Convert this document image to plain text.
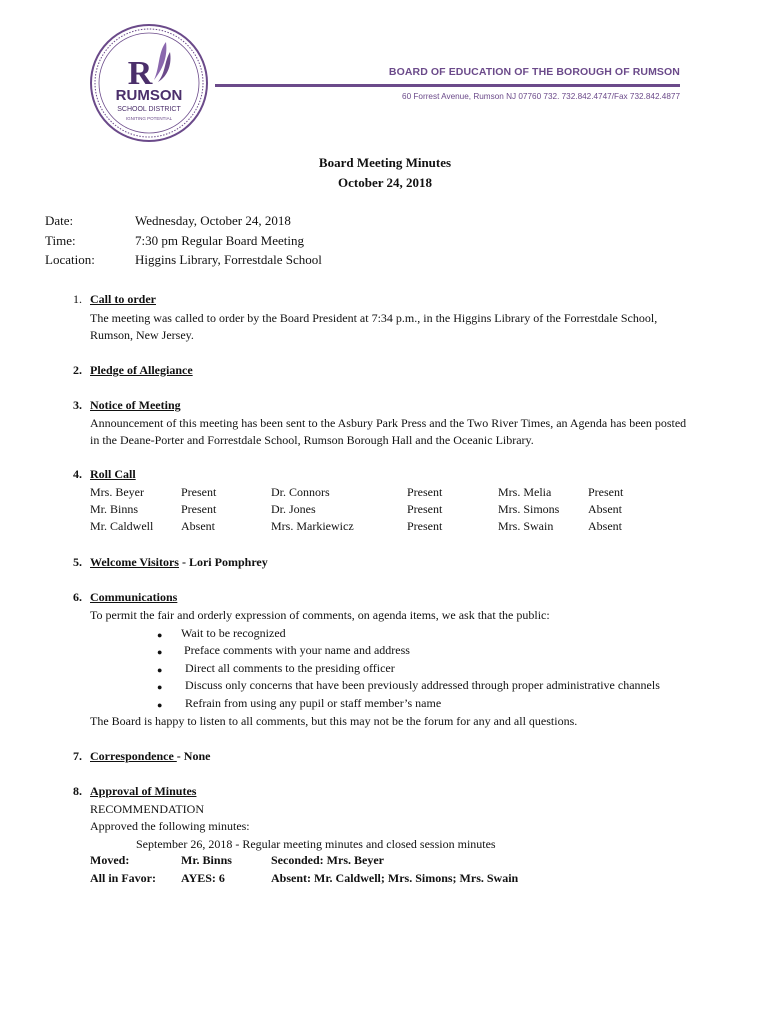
R
RUMSON
SCHOOL DISTRICT
IGNITING POTENTIAL
BOARD OF EDUCATION OF THE BOROUGH OF RUMSON
60 Forrest Avenue, Rumson NJ 07760 732. 732.842.4747/Fax 732.842.4877
Board Meeting Minutes
October 24, 2018
Date:	Wednesday, October 24, 2018
Time:	7:30 pm Regular Board Meeting
Location:	Higgins Library, Forrestdale School
1. Call to order
The meeting was called to order by the Board President at 7:34 p.m., in the Higgins Library of the Forrestdale School,
Rumson, New Jersey.
2. Pledge of Allegiance
3. Notice of Meeting
Announcement of this meeting has been sent to the Asbury Park Press and the Two River Times, an Agenda has been posted
in the Deane-Porter and Forrestdale School, Rumson Borough Hall and the Oceanic Library.
4. Roll Call
Mrs. Beyer	Present	Dr. Connors	Present	Mrs. Melia	Present
Mr. Binns	Present	Dr. Jones	Present	Mrs. Simons Absent
Mr. Caldwell Absent	Mrs. Markiewicz	Present	Mrs. Swain	Absent
5. Welcome Visitors - Lori Pomphrey
6. Communications
To permit the fair and orderly expression of comments, on agenda items, we ask that the public:
● Wait to be recognized
● Preface comments with your name and address
● Direct all comments to the presiding officer
● Discuss only concerns that have been previously addressed through proper administrative channels
● Refrain from using any pupil or staff member’s name
The Board is happy to listen to all comments, but this may not be the forum for any and all questions.
7. Correspondence - None
8. Approval of Minutes
RECOMMENDATION
Approved the following minutes:
September 26, 2018 - Regular meeting minutes and closed session minutes
Moved:	Mr. Binns	Seconded: Mrs. Beyer
All in Favor: AYES: 6	Absent: Mr. Caldwell; Mrs. Simons; Mrs. Swain
